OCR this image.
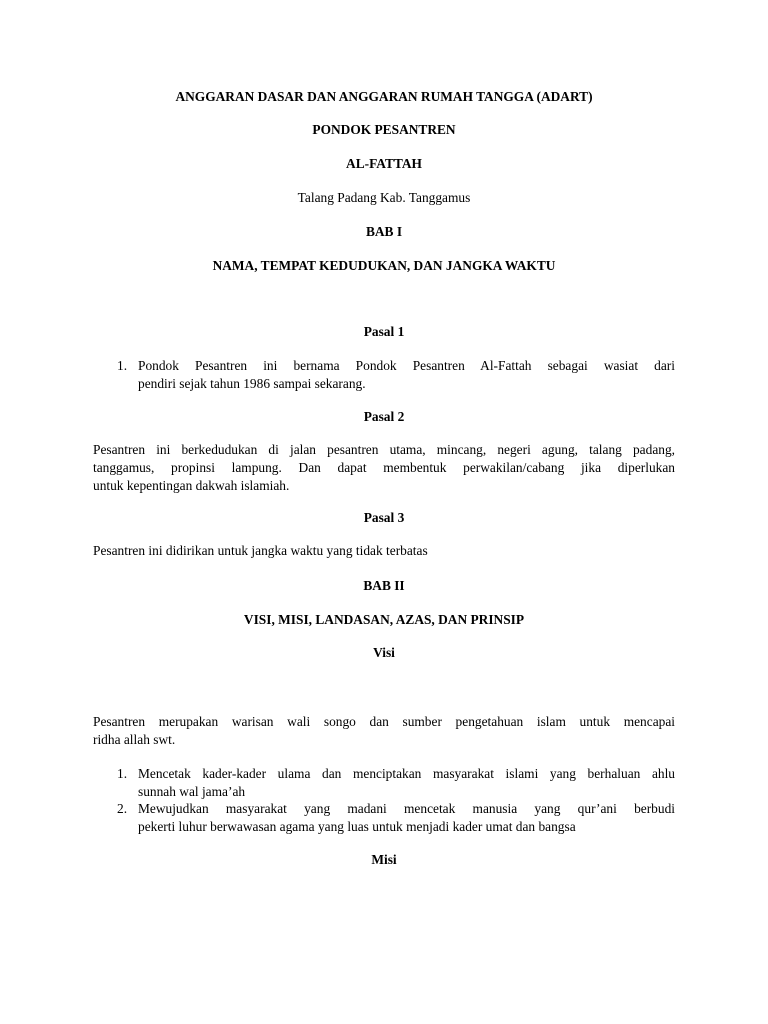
ANGGARAN DASAR DAN ANGGARAN RUMAH TANGGA (ADART)

PONDOK PESANTREN

AL-FATTAH

Talang Padang Kab. Tanggamus

BAB I

NAMA, TEMPAT KEDUDUKAN, DAN JANGKA WAKTU

Pasal 1

1. Pondok Pesantren ini bernama Pondok Pesantren Al-Fattah sebagai wasiat dari
pendiri sejak tahun 1986 sampai sekarang.

Pasal 2

Pesantren ini berkedudukan di jalan pesantren utama, mincang, negeri agung, talang padang,

tanggamus, propinsi lampung. Dan dapat membentuk perwakilan/cabang jika diperlukan

untuk kepentingan dakwah islamiah.

Pasal 3

Pesantren ini didirikan untuk jangka waktu yang tidak terbatas

BAB II

VISI, MISI, LANDASAN, AZAS, DAN PRINSIP

Visi

Pesantren merupakan warisan wali songo dan sumber pengetahuan islam untuk mencapai

ridha allah swt.

1. Mencetak kader-kader ulama dan menciptakan masyarakat islami yang berhaluan ahlu
sunnah wal jama’ah
2. Mewujudkan masyarakat yang madani mencetak manusia yang qur’ani berbudi
pekerti luhur berwawasan agama yang luas untuk menjadi kader umat dan bangsa

Misi
